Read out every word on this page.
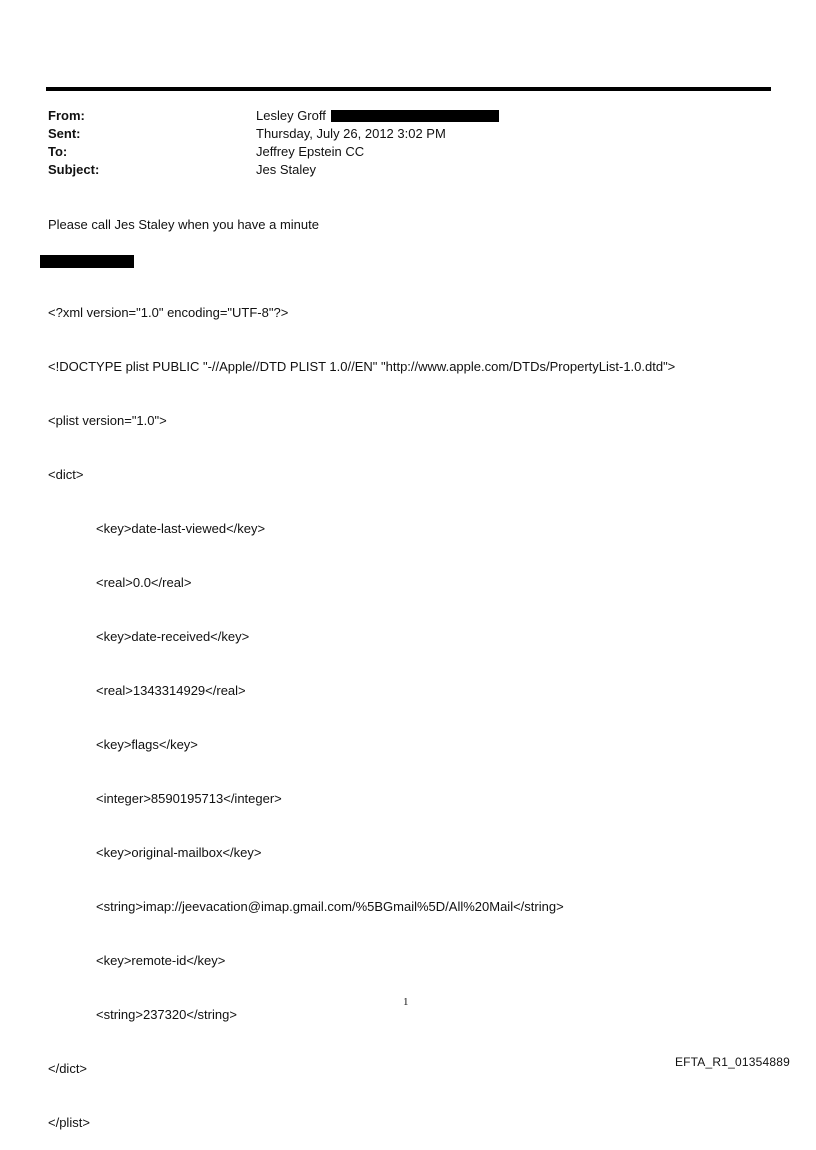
From:	Lesley Groff
Sent:	Thursday, July 26, 2012 3:02 PM
To:	Jeffrey Epstein CC
Subject:	Jes Staley
Please call Jes Staley when you have a minute

<?xml version="1.0" encoding="UTF-8"?>

<!DOCTYPE plist PUBLIC "-//Apple//DTD PLIST 1.0//EN" "http://www.apple.com/DTDs/PropertyList-1.0.dtd">

<plist version="1.0">

<dict>

<key>date-last-viewed</key>

<real>0.0</real>

<key>date-received</key>

<real>1343314929</real>

<key>flags</key>

<integer>8590195713</integer>

<key>original-mailbox</key>

<string>imap://jeevacation@imap.gmail.com/%5BGmail%5D/All%20Mail</string>

<key>remote-id</key>

<string>237320</string>

</dict>

</plist>

1
EFTA_R1_01354889
